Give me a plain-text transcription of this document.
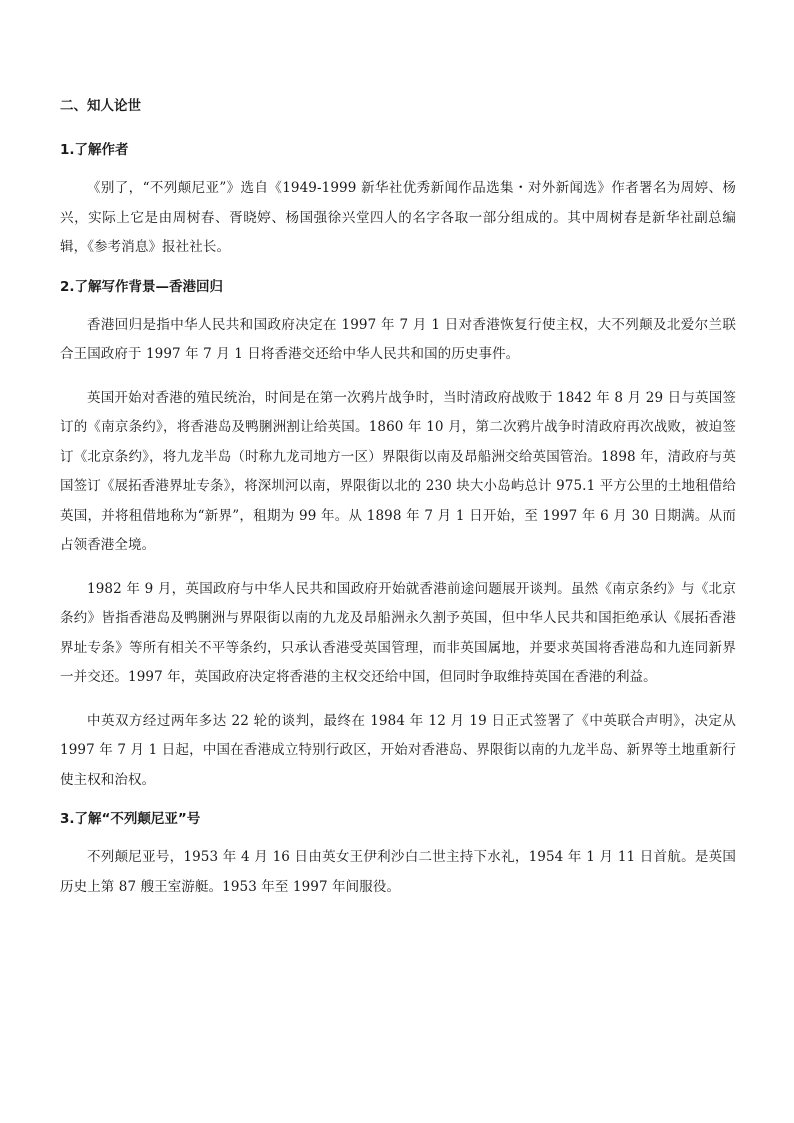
二、知人论世
1.了解作者

《别了，“不列颠尼亚”》选自《1949-1999 新华社优秀新闻作品选集・对外新闻选》作者署名为周婷、杨兴，实际上它是由周树春、胥晓婷、杨国强徐兴堂四人的名字各取一部分组成的。其中周树春是新华社副总编辑，《参考消息》报社社长。

2.了解写作背景—香港回归

香港回归是指中华人民共和国政府决定在 1997 年 7 月 1 日对香港恢复行使主权，大不列颠及北爱尔兰联合王国政府于 1997 年 7 月 1 日将香港交还给中华人民共和国的历史事件。

英国开始对香港的殖民统治，时间是在第一次鸦片战争时，当时清政府战败于 1842 年 8 月 29 日与英国签订的《南京条约》，将香港岛及鸭脷洲割让给英国。1860 年 10 月，第二次鸦片战争时清政府再次战败，被迫签订《北京条约》，将九龙半岛（时称九龙司地方一区）界限街以南及昂船洲交给英国管治。1898 年，清政府与英国签订《展拓香港界址专条》，将深圳河以南，界限街以北的 230 块大小岛屿总计 975.1 平方公里的土地租借给英国，并将租借地称为“新界”，租期为 99 年。从 1898 年 7 月 1 日开始，至 1997 年 6 月 30 日期满。从而占领香港全境。

1982 年 9 月，英国政府与中华人民共和国政府开始就香港前途问题展开谈判。虽然《南京条约》与《北京条约》皆指香港岛及鸭脷洲与界限街以南的九龙及昂船洲永久割予英国，但中华人民共和国拒绝承认《展拓香港界址专条》等所有相关不平等条约，只承认香港受英国管理，而非英国属地，并要求英国将香港岛和九连同新界一并交还。1997 年，英国政府决定将香港的主权交还给中国，但同时争取维持英国在香港的利益。

中英双方经过两年多达 22 轮的谈判，最终在 1984 年 12 月 19 日正式签署了《中英联合声明》，决定从 1997 年 7 月 1 日起，中国在香港成立特别行政区，开始对香港岛、界限街以南的九龙半岛、新界等土地重新行使主权和治权。

3.了解“不列颠尼亚”号

不列颠尼亚号，1953 年 4 月 16 日由英女王伊利沙白二世主持下水礼，1954 年 1 月 11 日首航。是英国历史上第 87 艘王室游艇。1953 年至 1997 年间服役。
